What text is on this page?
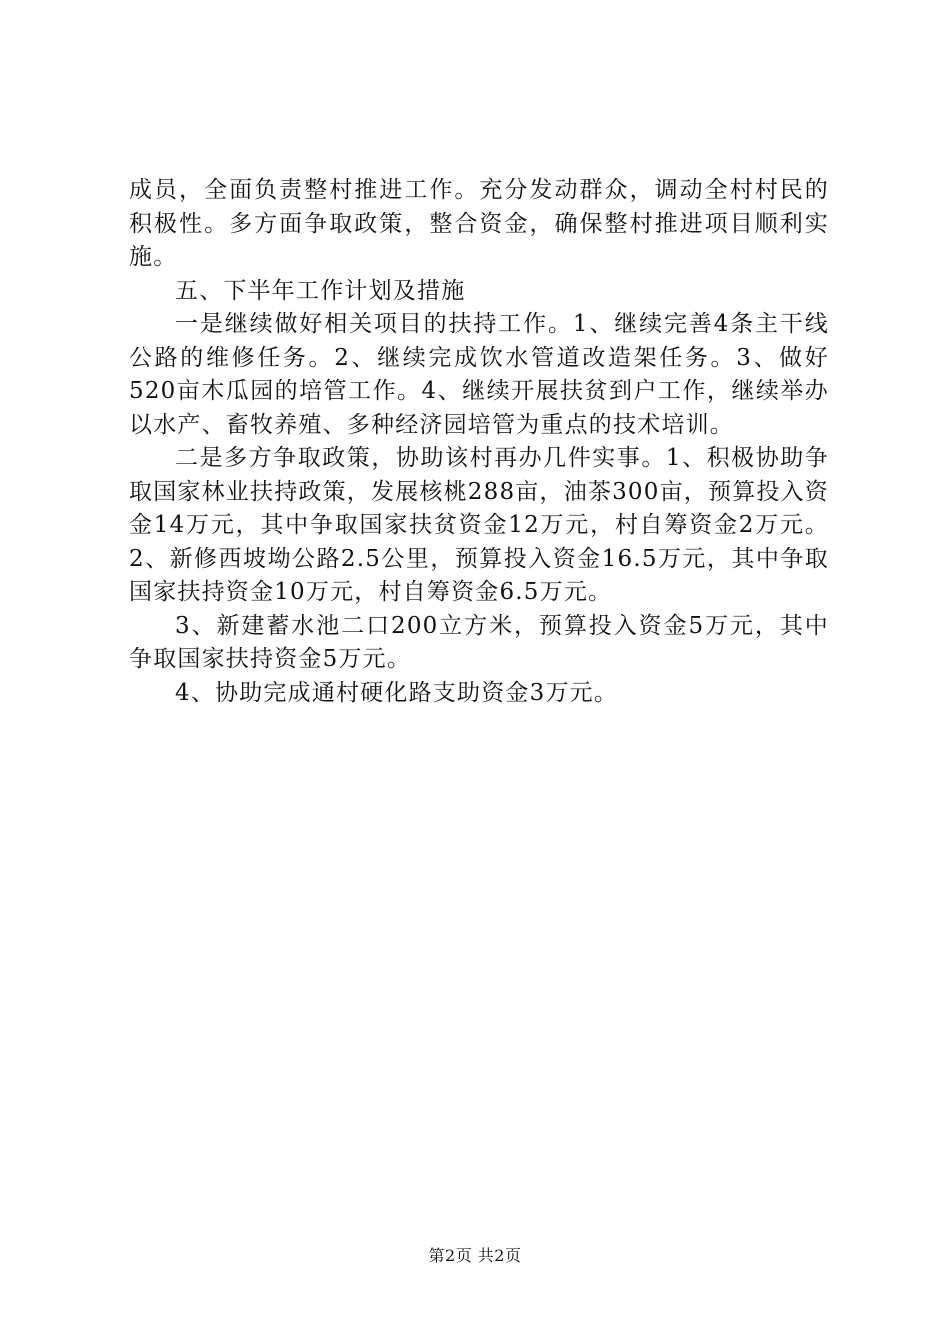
成员，全面负责整村推进工作。充分发动群众，调动全村村民的积极性。多方面争取政策，整合资金，确保整村推进项目顺利实施。

五、下半年工作计划及措施

一是继续做好相关项目的扶持工作。1、继续完善4条主干线公路的维修任务。2、继续完成饮水管道改造架任务。3、做好520亩木瓜园的培管工作。4、继续开展扶贫到户工作，继续举办以水产、畜牧养殖、多种经济园培管为重点的技术培训。

二是多方争取政策，协助该村再办几件实事。1、积极协助争取国家林业扶持政策，发展核桃288亩，油茶300亩，预算投入资金14万元，其中争取国家扶贫资金12万元，村自筹资金2万元。2、新修西坡坳公路2.5公里，预算投入资金16.5万元，其中争取国家扶持资金10万元，村自筹资金6.5万元。

3、新建蓄水池二口200立方米，预算投入资金5万元，其中争取国家扶持资金5万元。

4、协助完成通村硬化路支助资金3万元。

第2页 共2页
